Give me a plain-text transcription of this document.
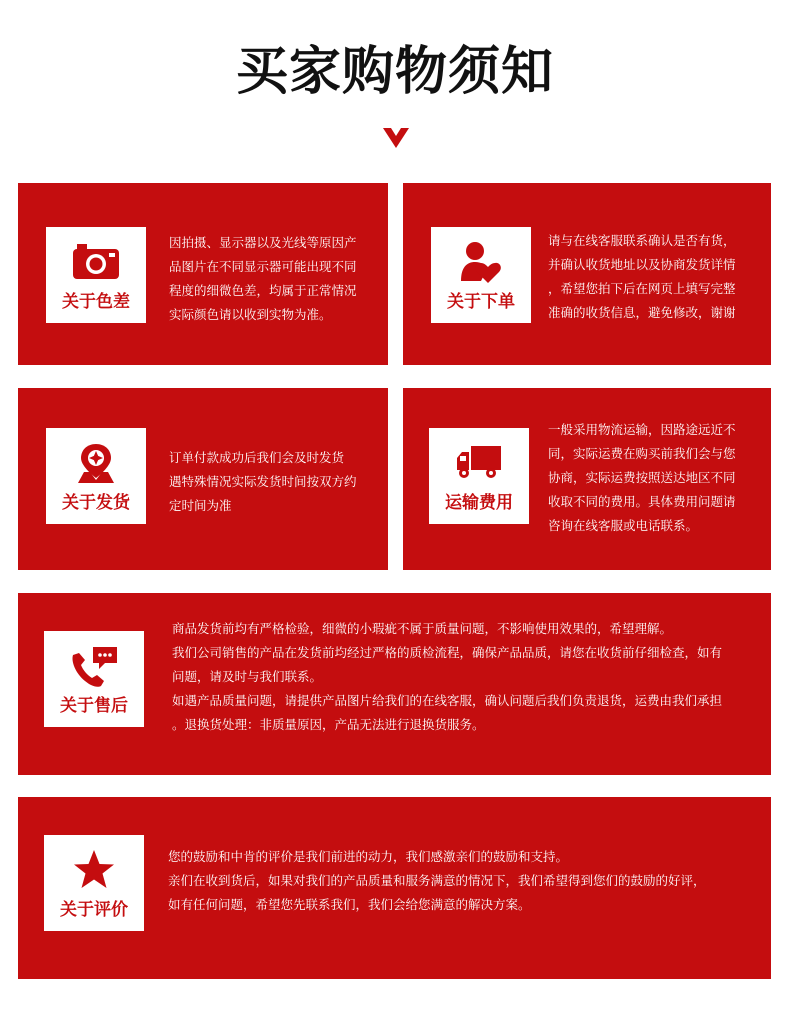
买家购物须知
关于色差

因拍摄、显示器以及光线等原因产

品图片在不同显示器可能出现不同

程度的细微色差，均属于正常情况

实际颜色请以收到实物为准。

关于下单

请与在线客服联系确认是否有货，

并确认收货地址以及协商发货详情

，希望您拍下后在网页上填写完整

准确的收货信息，避免修改，谢谢

关于发货

订单付款成功后我们会及时发货

遇特殊情况实际发货时间按双方约

定时间为准	运输费用

一般采用物流运输，因路途远近不

同，实际运费在购买前我们会与您

协商，实际运费按照送达地区不同

收取不同的费用。具体费用问题请

咨询在线客服或电话联系。

关于售后

商品发货前均有严格检验，细微的小瑕疵不属于质量问题，不影响使用效果的，希望理解。

我们公司销售的产品在发货前均经过严格的质检流程，确保产品品质，请您在收货前仔细检查，如有

问题，请及时与我们联系。

如遇产品质量问题，请提供产品图片给我们的在线客服，确认问题后我们负责退货，运费由我们承担

。退换货处理：非质量原因，产品无法进行退换货服务。

关于评价

您的鼓励和中肯的评价是我们前进的动力，我们感激亲们的鼓励和支持。

亲们在收到货后，如果对我们的产品质量和服务满意的情况下，我们希望得到您们的鼓励的好评，

如有任何问题，希望您先联系我们，我们会给您满意的解决方案。
